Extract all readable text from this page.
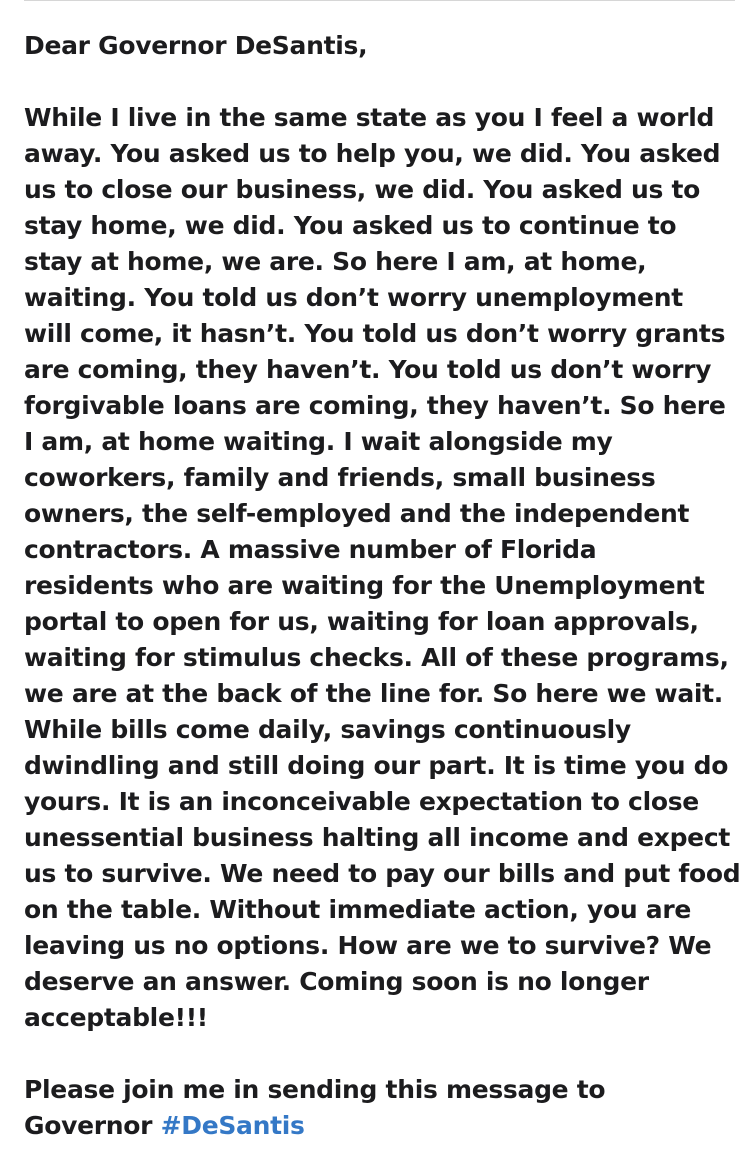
Dear Governor DeSantis,
While I live in the same state as you I feel a world
away. You asked us to help you, we did. You asked
us to close our business, we did. You asked us to
stay home, we did. You asked us to continue to
stay at home, we are. So here I am, at home,
waiting. You told us don’t worry unemployment
will come, it hasn’t. You told us don’t worry grants
are coming, they haven’t. You told us don’t worry
forgivable loans are coming, they haven’t. So here
I am, at home waiting. I wait alongside my
coworkers, family and friends, small business
owners, the self-employed and the independent
contractors. A massive number of Florida
residents who are waiting for the Unemployment
portal to open for us, waiting for loan approvals,
waiting for stimulus checks. All of these programs,
we are at the back of the line for. So here we wait.
While bills come daily, savings continuously
dwindling and still doing our part. It is time you do
yours. It is an inconceivable expectation to close
unessential business halting all income and expect
us to survive. We need to pay our bills and put food
on the table. Without immediate action, you are
leaving us no options. How are we to survive? We
deserve an answer. Coming soon is no longer
acceptable!!!
Please join me in sending this message to
Governor #DeSantis
